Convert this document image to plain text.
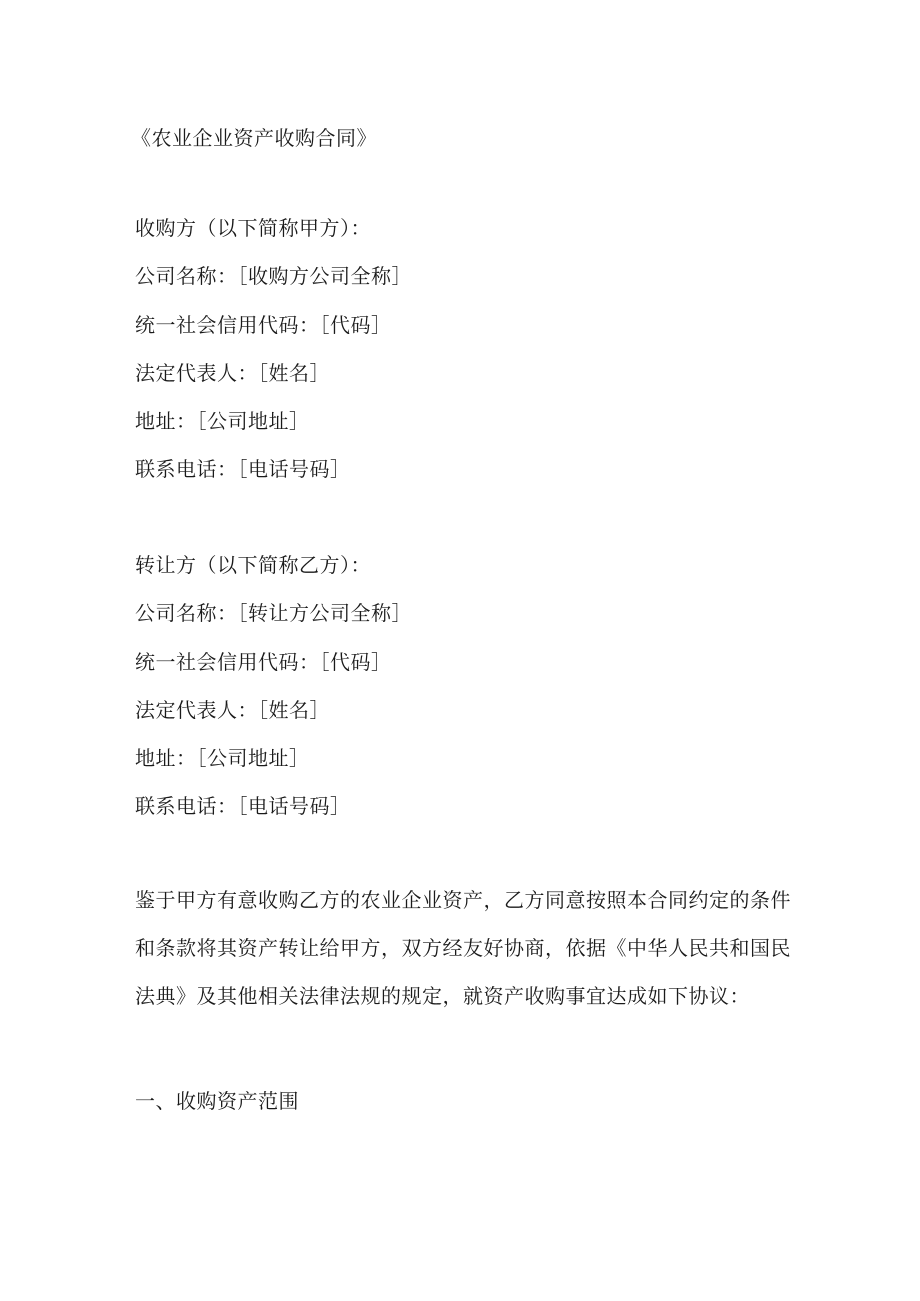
《农业企业资产收购合同》
收购方（以下简称甲方）：
公司名称：［收购方公司全称］
统一社会信用代码：［代码］
法定代表人：［姓名］
地址：［公司地址］
联系电话：［电话号码］
转让方（以下简称乙方）：
公司名称：［转让方公司全称］
统一社会信用代码：［代码］
法定代表人：［姓名］
地址：［公司地址］
联系电话：［电话号码］
鉴于甲方有意收购乙方的农业企业资产，乙方同意按照本合同约定的条件
和条款将其资产转让给甲方，双方经友好协商，依据《中华人民共和国民
法典》及其他相关法律法规的规定，就资产收购事宜达成如下协议：
一、收购资产范围
